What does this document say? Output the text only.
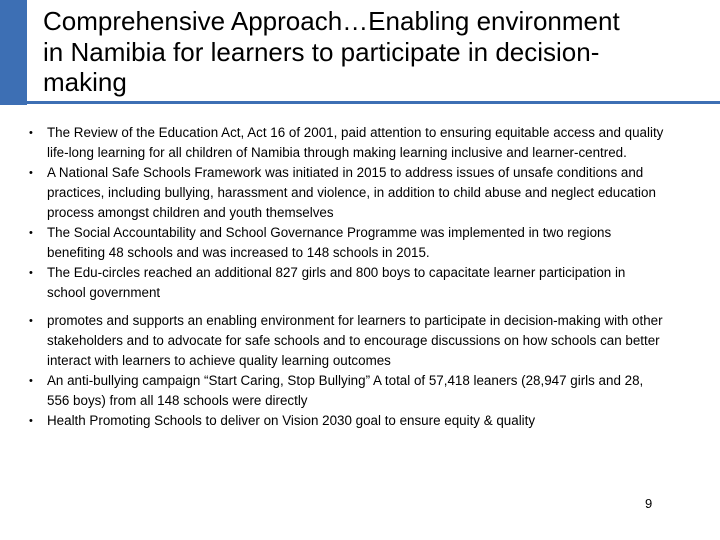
Comprehensive Approach…Enabling environment in Namibia for learners to participate in decision-making
• The Review of the Education Act, Act 16 of 2001, paid attention to ensuring equitable access and quality life-long learning for all children of Namibia through making learning inclusive and learner-centred.
• A National Safe Schools Framework was initiated in 2015 to address issues of unsafe conditions and practices, including bullying, harassment and violence, in addition to child abuse and neglect education process amongst children and youth themselves
• The Social Accountability and School Governance Programme was implemented in two regions benefiting 48 schools and was increased to 148 schools in 2015.
• The Edu-circles reached an additional 827 girls and 800 boys to capacitate learner participation in school government
• promotes and supports an enabling environment for learners to participate in decision-making with other stakeholders and to advocate for safe schools and to encourage discussions on how schools can better interact with learners to achieve quality learning outcomes
• An anti-bullying campaign “Start Caring, Stop Bullying” A total of 57,418 leaners (28,947 girls and 28, 556 boys) from all 148 schools were directly
• Health Promoting Schools to deliver on Vision 2030 goal to ensure equity & quality
9
